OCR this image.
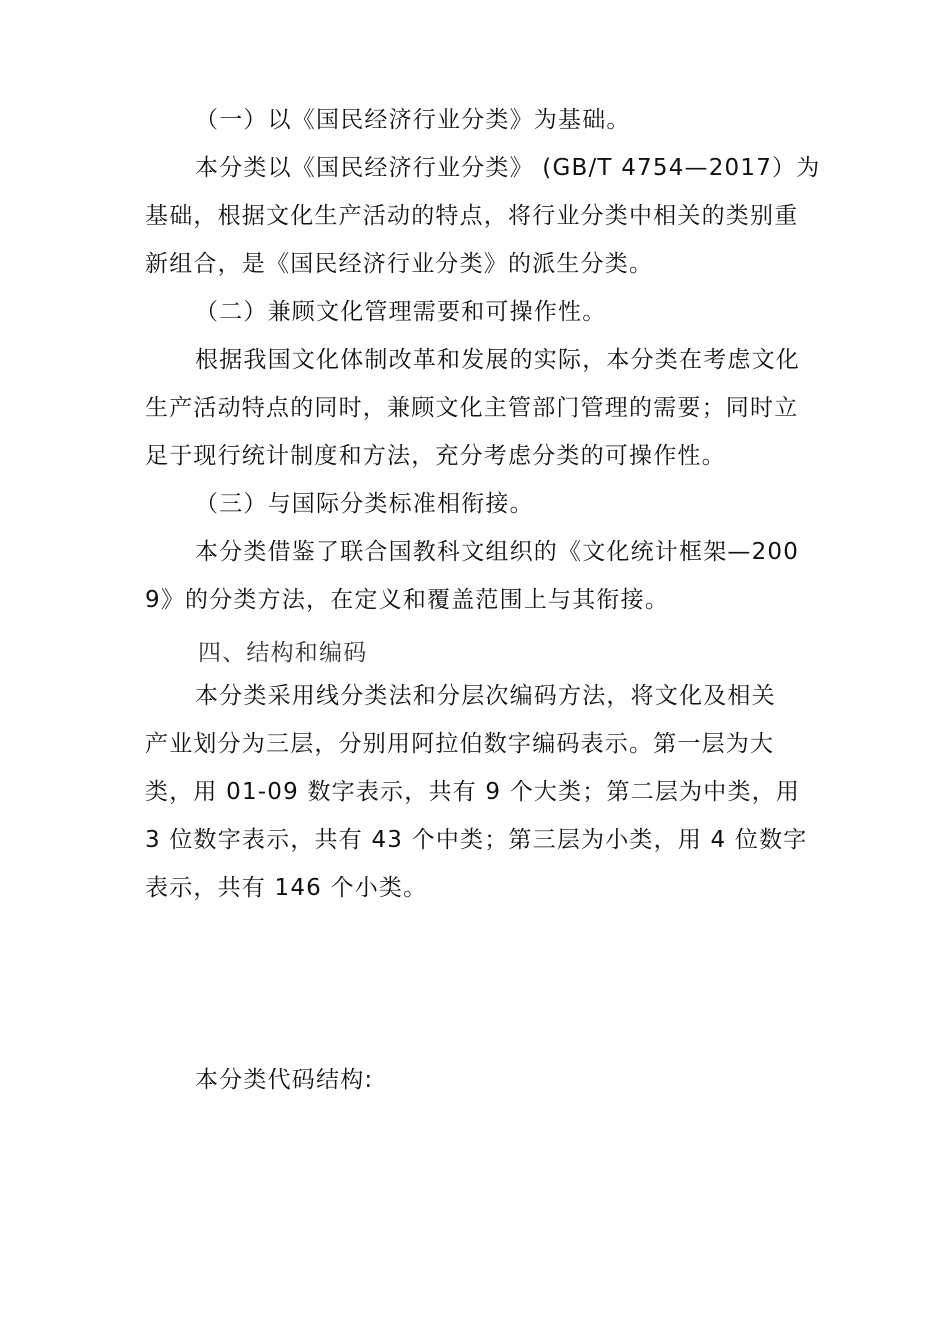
（一）以《国民经济行业分类》为基础。
本分类以《国民经济行业分类》 (GB/T 4754—2017）为
基础，根据文化生产活动的特点，将行业分类中相关的类别重
新组合，是《国民经济行业分类》的派生分类。
（二）兼顾文化管理需要和可操作性。
根据我国文化体制改革和发展的实际，本分类在考虑文化
生产活动特点的同时，兼顾文化主管部门管理的需要；同时立
足于现行统计制度和方法，充分考虑分类的可操作性。
（三）与国际分类标准相衔接。
本分类借鉴了联合国教科文组织的《文化统计框架—200
9》的分类方法，在定义和覆盖范围上与其衔接。
四、结构和编码
本分类采用线分类法和分层次编码方法，将文化及相关
产业划分为三层，分别用阿拉伯数字编码表示。第一层为大
类，用 01-09 数字表示，共有 9 个大类；第二层为中类，用
3 位数字表示，共有 43 个中类；第三层为小类，用 4 位数字
表示，共有 146 个小类。
本分类代码结构:
